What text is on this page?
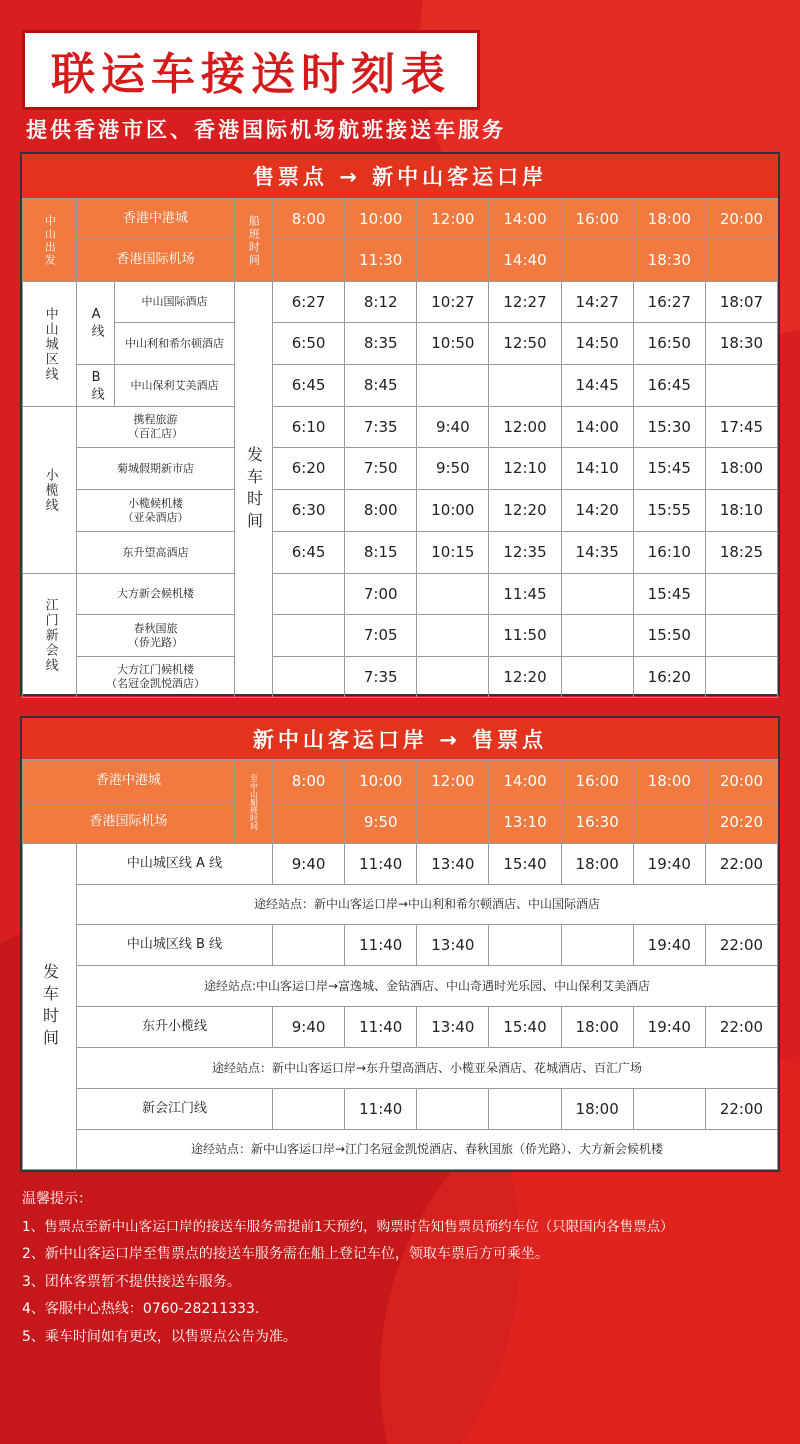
联运车接送时刻表
提供香港市区、香港国际机场航班接送车服务
售票点 → 新中山客运口岸
中山出发	香港中港城		船班时间	8:00	10:00	12:00	14:00	16:00	18:00	20:00
	香港国际机场				11:30		14:40		18:30	
中山城区线	A线	中山国际酒店	发车时间	6:27	8:12	10:27	12:27	14:27	16:27	18:07
		中山利和希尔顿酒店		6:50	8:35	10:50	12:50	14:50	16:50	18:30
	B线	中山保利艾美酒店		6:45	8:45			14:45	16:45	
小榄线	携程旅游
（百汇店）			6:10	7:35	9:40	12:00	14:00	15:30	17:45
	菊城假期新市店			6:20	7:50	9:50	12:10	14:10	15:45	18:00
	小榄候机楼
（亚朵酒店）			6:30	8:00	10:00	12:20	14:20	15:55	18:10
	东升望高酒店			6:45	8:15	10:15	12:35	14:35	16:10	18:25
江门新会线	大方新会候机楼				7:00		11:45		15:45	
	春秋国旅
（侨光路）				7:05		11:50		15:50	
	大方江门候机楼
（名冠金凯悦酒店）				7:35		12:20		16:20	
新中山客运口岸 → 售票点
香港中港城		至中山船班时间	8:00	10:00	12:00	14:00	16:00	18:00	20:00
香港国际机场				9:50		13:10	16:30		20:20
发车时间	中山城区线 A 线		9:40	11:40	13:40	15:40	18:00	19:40	22:00
	途经站点：新中山客运口岸→中山利和希尔顿酒店、中山国际酒店								
	中山城区线 B 线			11:40	13:40			19:40	22:00
	途经站点:中山客运口岸→富逸城、金钻酒店、中山奇遇时光乐园、中山保利艾美酒店								
	东升小榄线		9:40	11:40	13:40	15:40	18:00	19:40	22:00
	途经站点：新中山客运口岸→东升望高酒店、小榄亚朵酒店、花城酒店、百汇广场								
	新会江门线			11:40			18:00		22:00
	途经站点：新中山客运口岸→江门名冠金凯悦酒店、春秋国旅（侨光路）、大方新会候机楼								
温馨提示：
1、售票点至新中山客运口岸的接送车服务需提前1天预约，购票时告知售票员预约车位（只限国内各售票点）
2、新中山客运口岸至售票点的接送车服务需在船上登记车位，领取车票后方可乘坐。
3、团体客票暂不提供接送车服务。
4、客服中心热线：0760-28211333.
5、乘车时间如有更改，以售票点公告为准。
